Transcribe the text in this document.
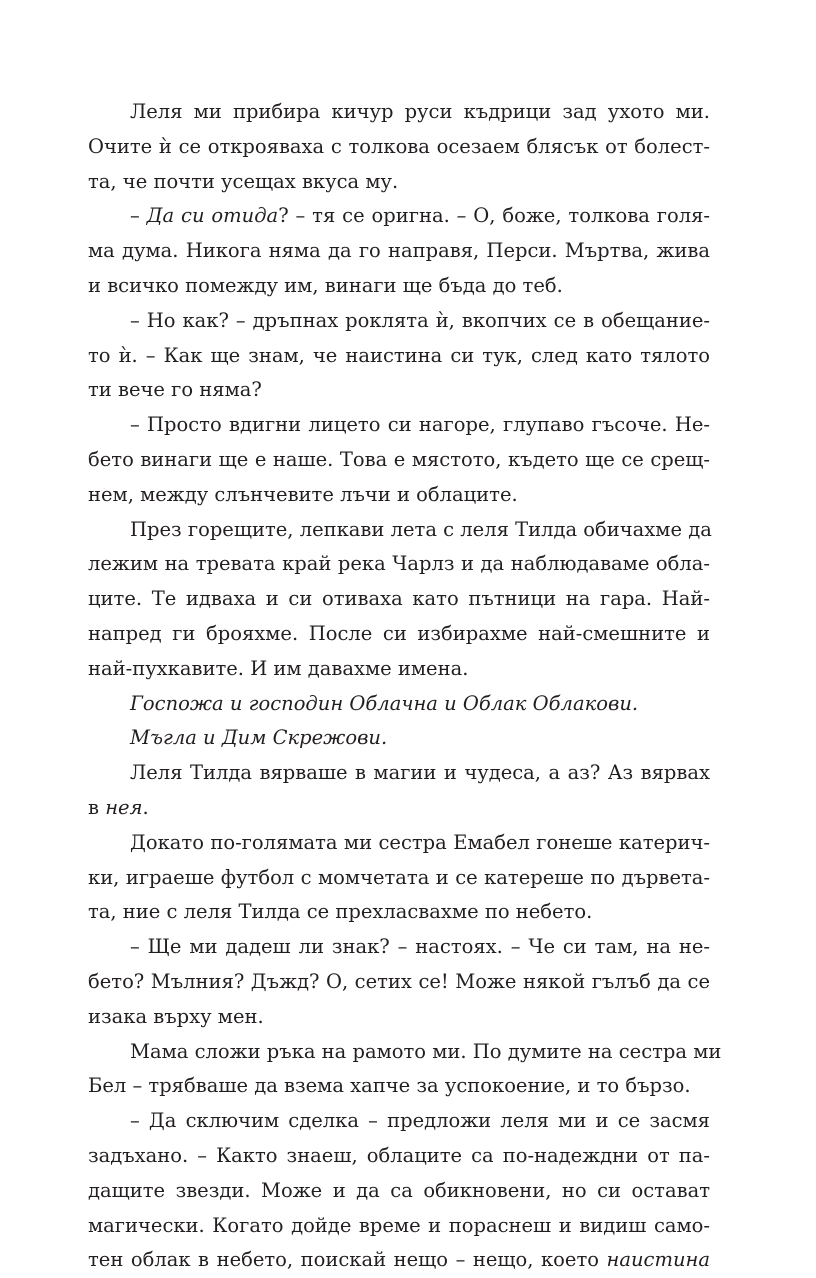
Леля ми прибира кичур руси къдрици зад ухото ми.
Очите ѝ се открояваха с толкова осезаем блясък от болест-
та, че почти усещах вкуса му.
– Да си отида? – тя се оригна. – О, боже, толкова голя-
ма дума. Никога няма да го направя, Перси. Мъртва, жива
и всичко помежду им, винаги ще бъда до теб.
– Но как? – дръпнах роклята ѝ, вкопчих се в обещание-
то ѝ. – Как ще знам, че наистина си тук, след като тялото
ти вече го няма?
– Просто вдигни лицето си нагоре, глупаво гъсоче. Не-
бето винаги ще е наше. Това е мястото, където ще се срещ-
нем, между слънчевите лъчи и облаците.
През горещите, лепкави лета с леля Тилда обичахме да
лежим на тревата край река Чарлз и да наблюдаваме обла-
ците. Те идваха и си отиваха като пътници на гара. Най-
напред ги брояхме. После си избирахме най-смешните и
най-пухкавите. И им давахме имена.
Госпожа и господин Облачна и Облак Облакови.
Мъгла и Дим Скрежови.
Леля Тилда вярваше в магии и чудеса, а аз? Аз вярвах
в нея.
Докато по-голямата ми сестра Емабел гонеше катерич-
ки, играеше футбол с момчетата и се катереше по дървета-
та, ние с леля Тилда се прехласвахме по небето.
– Ще ми дадеш ли знак? – настоях. – Че си там, на не-
бето? Мълния? Дъжд? О, сетих се! Може някой гълъб да се
изака върху мен.
Мама сложи ръка на рамото ми. По думите на сестра ми
Бел – трябваше да взема хапче за успокоение, и то бързо.
– Да сключим сделка – предложи леля ми и се засмя
задъхано. – Както знаеш, облаците са по-надеждни от па-
дащите звезди. Може и да са обикновени, но си остават
магически. Когато дойде време и пораснеш и видиш само-
тен облак в небето, поискай нещо – нещо, което наистина
